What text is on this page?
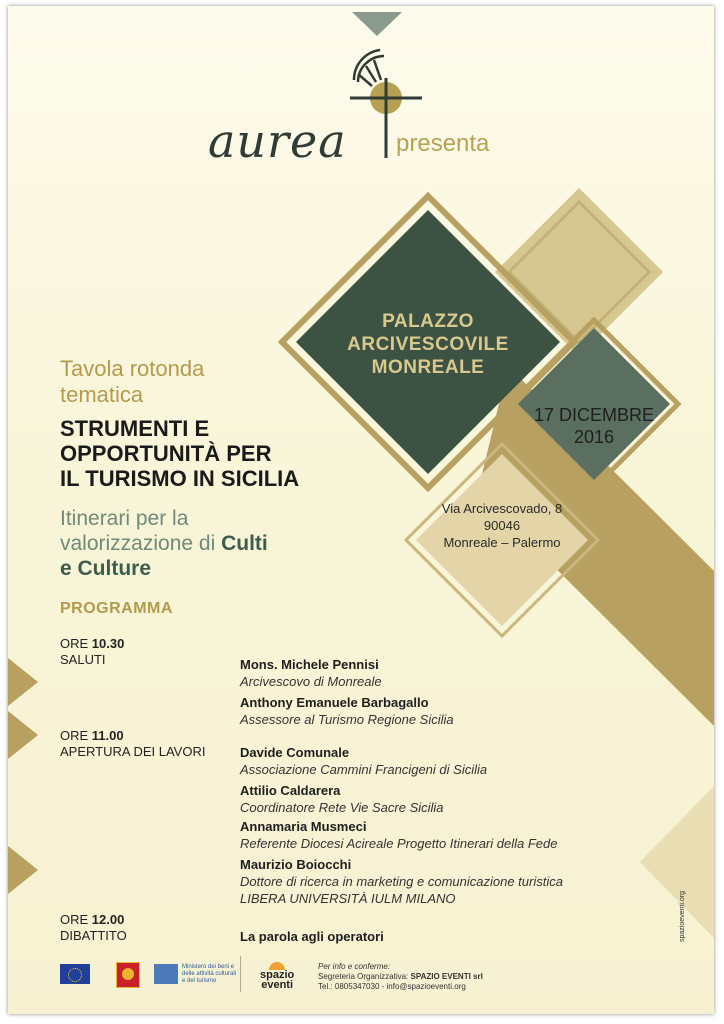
aurea presenta
PALAZZO
ARCIVESCOVILE
MONREALE
17 DICEMBRE
2016
Via Arcivescovado, 8
90046
Monreale – Palermo
Tavola rotonda
tematica
STRUMENTI E
OPPORTUNITÀ PER
IL TURISMO IN SICILIA
Itinerari per la
valorizzazione di Culti
e Culture
PROGRAMMA
ORE 10.30
SALUTI
ORE 11.00
APERTURA DEI LAVORI
ORE 12.00
DIBATTITO
Mons. Michele Pennisi
Arcivescovo di Monreale
Anthony Emanuele Barbagallo
Assessore al Turismo Regione Sicilia
Davide Comunale
Associazione Cammini Francigeni di Sicilia
Attilio Caldarera
Coordinatore Rete Vie Sacre Sicilia
Annamaria Musmeci
Referente Diocesi Acireale Progetto Itinerari della Fede
Maurizio Boiocchi
Dottore di ricerca in marketing e comunicazione turistica
LIBERA UNIVERSITÀ IULM MILANO
La parola agli operatori
Ministero dei beni e delle attività culturali e del turismo	spazio
eventi
Per info e conferme:
Segreteria Organizzativa: SPAZIO EVENTI srl
Tel.: 0805347030 - info@spazioeventi.org
spazioeventi.org
